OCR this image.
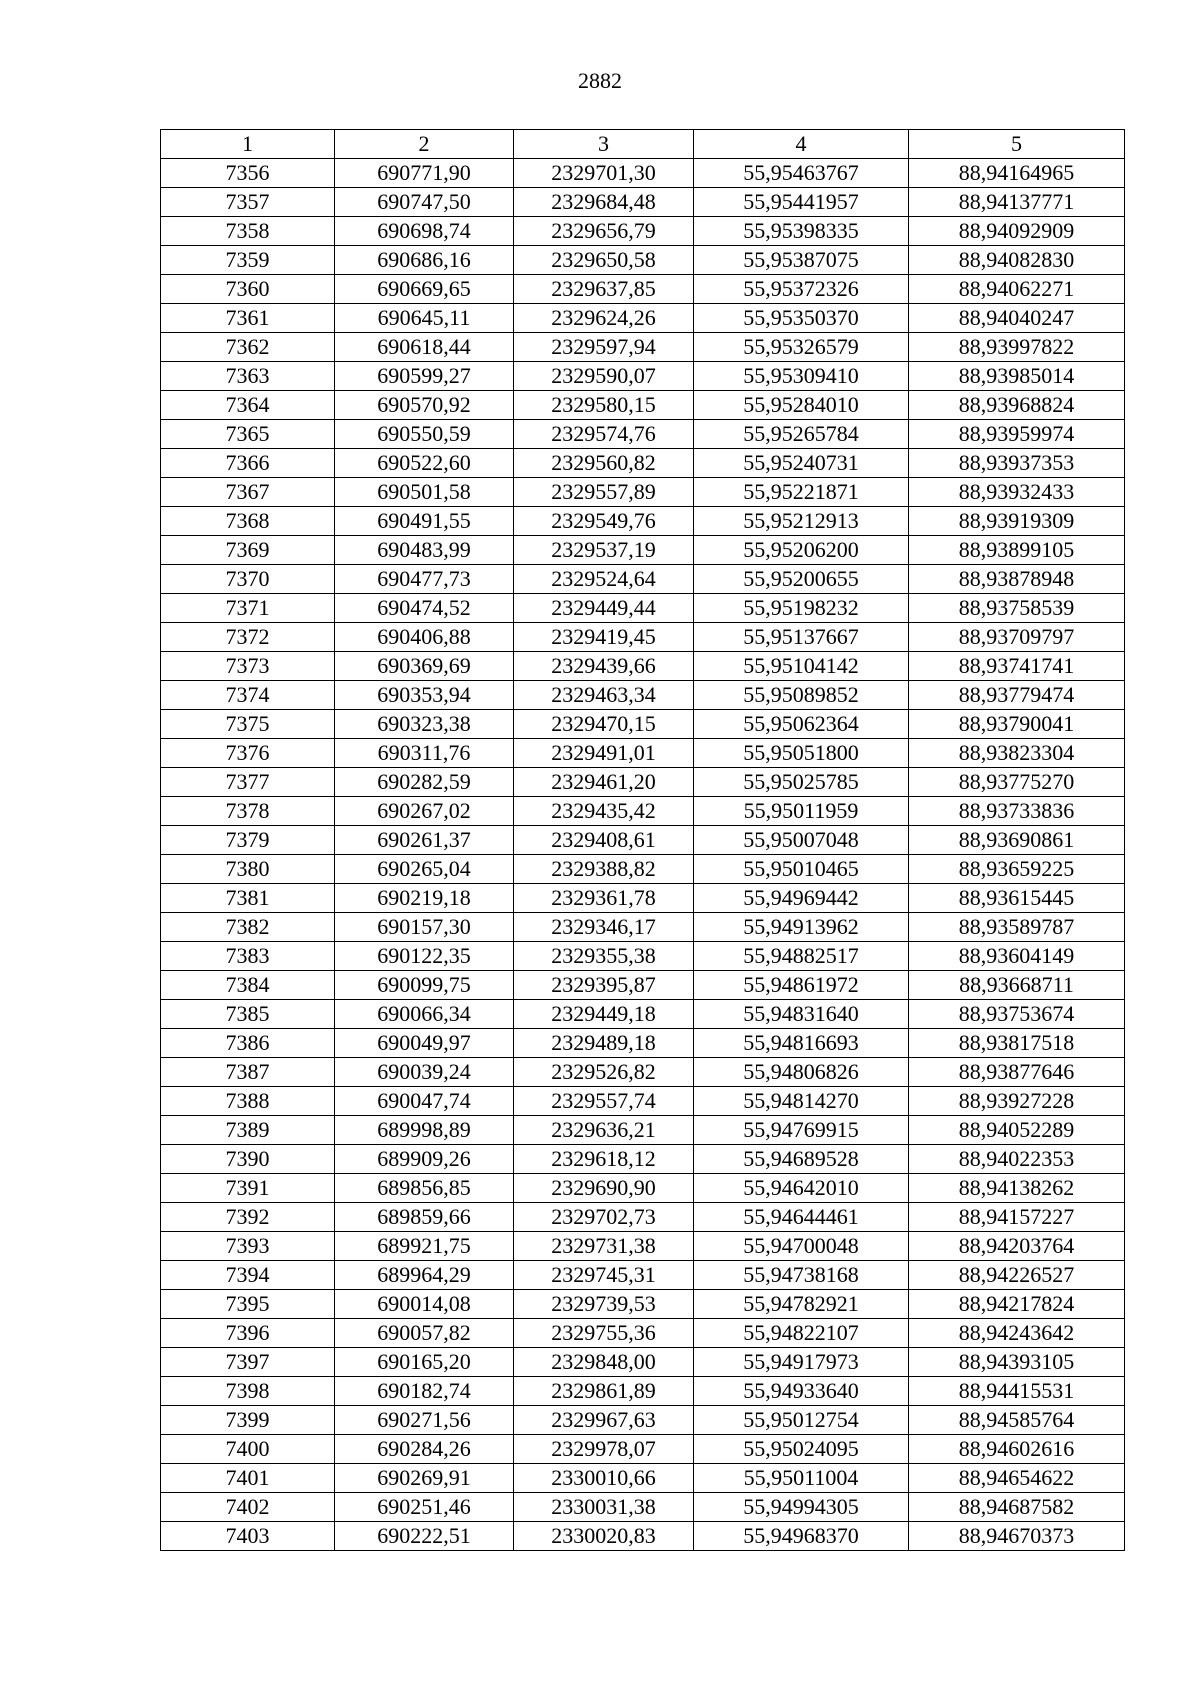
2882
1	2	3	4	5
7356	690771,90	2329701,30	55,95463767	88,94164965
7357	690747,50	2329684,48	55,95441957	88,94137771
7358	690698,74	2329656,79	55,95398335	88,94092909
7359	690686,16	2329650,58	55,95387075	88,94082830
7360	690669,65	2329637,85	55,95372326	88,94062271
7361	690645,11	2329624,26	55,95350370	88,94040247
7362	690618,44	2329597,94	55,95326579	88,93997822
7363	690599,27	2329590,07	55,95309410	88,93985014
7364	690570,92	2329580,15	55,95284010	88,93968824
7365	690550,59	2329574,76	55,95265784	88,93959974
7366	690522,60	2329560,82	55,95240731	88,93937353
7367	690501,58	2329557,89	55,95221871	88,93932433
7368	690491,55	2329549,76	55,95212913	88,93919309
7369	690483,99	2329537,19	55,95206200	88,93899105
7370	690477,73	2329524,64	55,95200655	88,93878948
7371	690474,52	2329449,44	55,95198232	88,93758539
7372	690406,88	2329419,45	55,95137667	88,93709797
7373	690369,69	2329439,66	55,95104142	88,93741741
7374	690353,94	2329463,34	55,95089852	88,93779474
7375	690323,38	2329470,15	55,95062364	88,93790041
7376	690311,76	2329491,01	55,95051800	88,93823304
7377	690282,59	2329461,20	55,95025785	88,93775270
7378	690267,02	2329435,42	55,95011959	88,93733836
7379	690261,37	2329408,61	55,95007048	88,93690861
7380	690265,04	2329388,82	55,95010465	88,93659225
7381	690219,18	2329361,78	55,94969442	88,93615445
7382	690157,30	2329346,17	55,94913962	88,93589787
7383	690122,35	2329355,38	55,94882517	88,93604149
7384	690099,75	2329395,87	55,94861972	88,93668711
7385	690066,34	2329449,18	55,94831640	88,93753674
7386	690049,97	2329489,18	55,94816693	88,93817518
7387	690039,24	2329526,82	55,94806826	88,93877646
7388	690047,74	2329557,74	55,94814270	88,93927228
7389	689998,89	2329636,21	55,94769915	88,94052289
7390	689909,26	2329618,12	55,94689528	88,94022353
7391	689856,85	2329690,90	55,94642010	88,94138262
7392	689859,66	2329702,73	55,94644461	88,94157227
7393	689921,75	2329731,38	55,94700048	88,94203764
7394	689964,29	2329745,31	55,94738168	88,94226527
7395	690014,08	2329739,53	55,94782921	88,94217824
7396	690057,82	2329755,36	55,94822107	88,94243642
7397	690165,20	2329848,00	55,94917973	88,94393105
7398	690182,74	2329861,89	55,94933640	88,94415531
7399	690271,56	2329967,63	55,95012754	88,94585764
7400	690284,26	2329978,07	55,95024095	88,94602616
7401	690269,91	2330010,66	55,95011004	88,94654622
7402	690251,46	2330031,38	55,94994305	88,94687582
7403	690222,51	2330020,83	55,94968370	88,94670373
